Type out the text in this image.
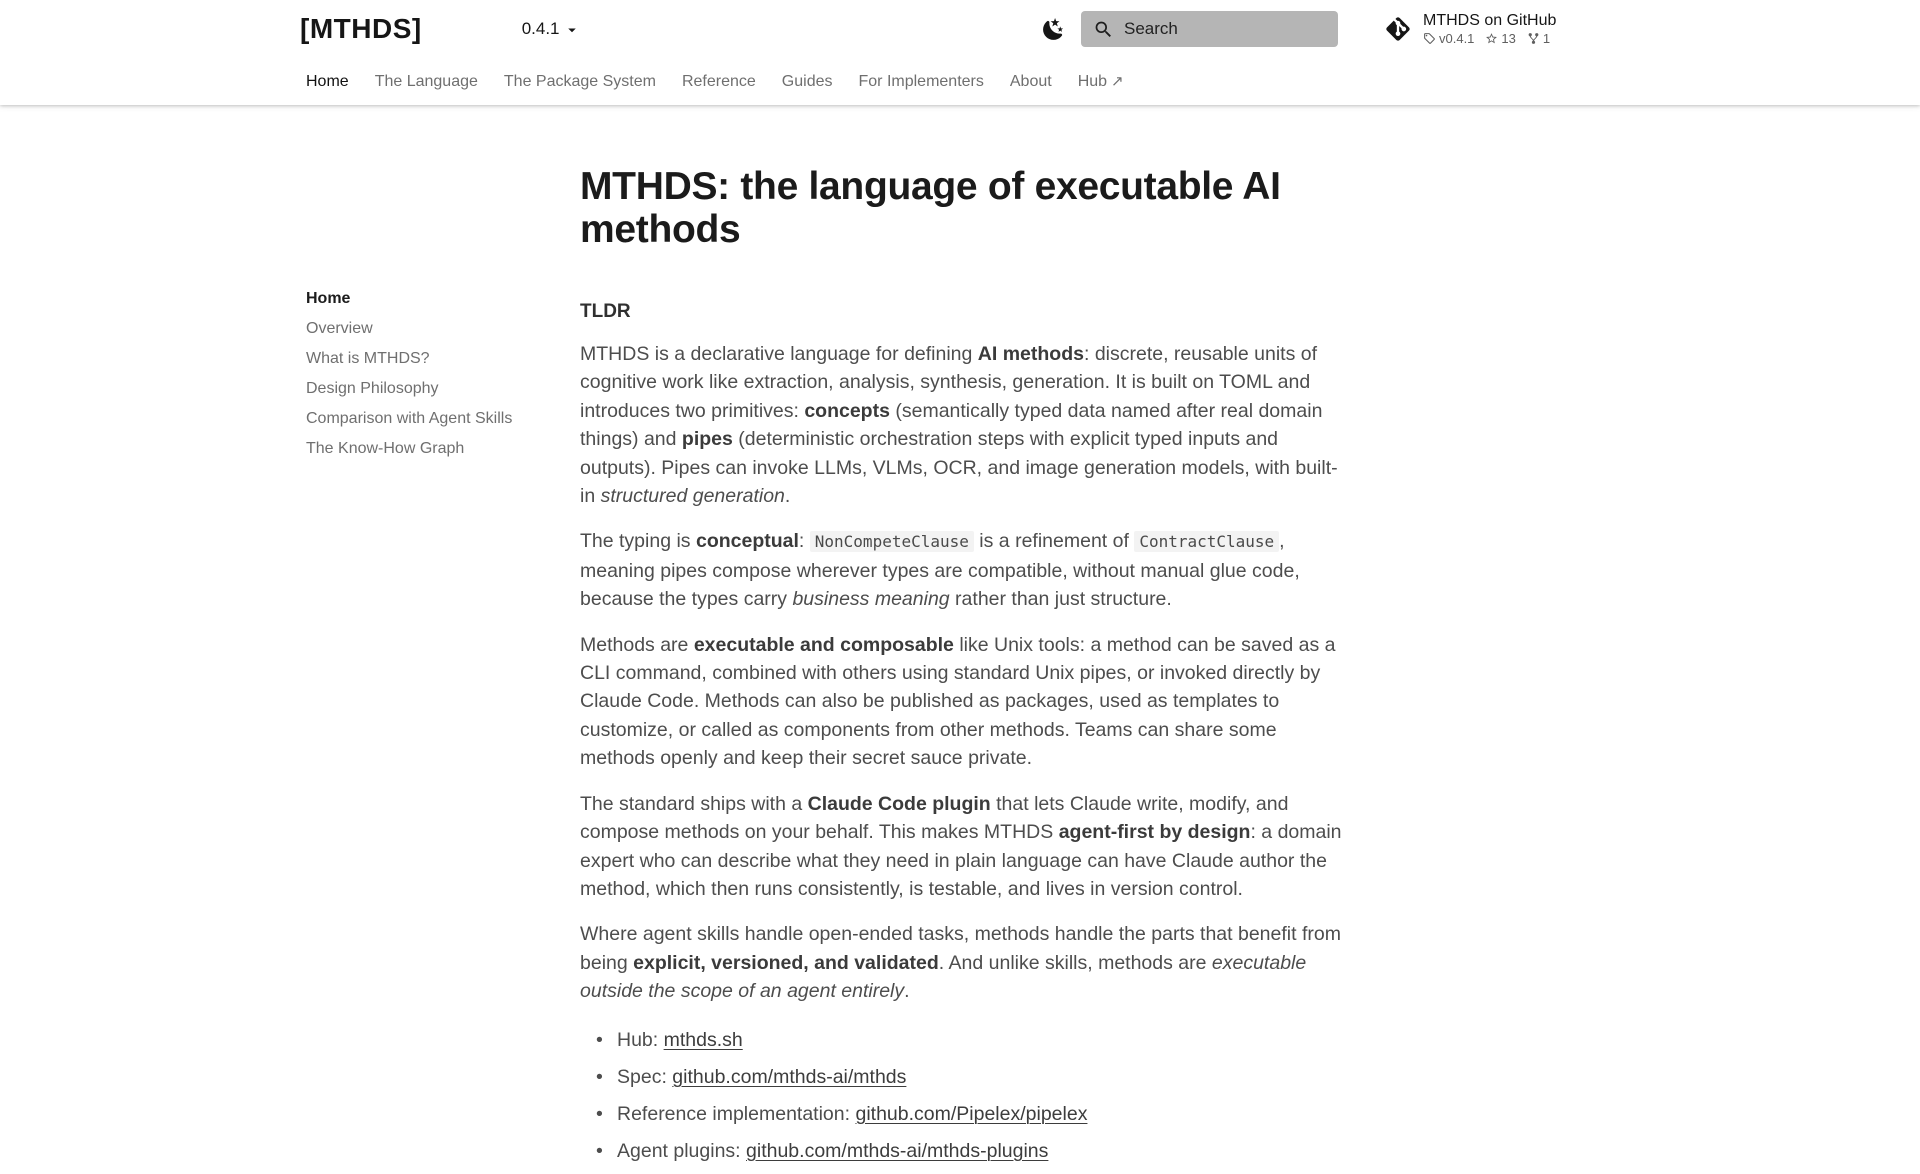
[MTHDS]	0.4.1
Search	MTHDS on GitHub
v0.4.1 13 1
Home The Language The Package System Reference Guides For Implementers About Hub ↗
Home
Overview
What is MTHDS?
Design Philosophy
Comparison with Agent Skills
The Know-How Graph
MTHDS: the language of executable AI methods

TLDR

MTHDS is a declarative language for defining AI methods: discrete, reusable units of cognitive work like extraction, analysis, synthesis, generation. It is built on TOML and introduces two primitives: concepts (semantically typed data named after real domain things) and pipes (deterministic orchestration steps with explicit typed inputs and outputs). Pipes can invoke LLMs, VLMs, OCR, and image generation models, with built-in structured generation.

The typing is conceptual: NonCompeteClause is a refinement of ContractClause , meaning pipes compose wherever types are compatible, without manual glue code, because the types carry business meaning rather than just structure.

Methods are executable and composable like Unix tools: a method can be saved as a CLI command, combined with others using standard Unix pipes, or invoked directly by Claude Code. Methods can also be published as packages, used as templates to customize, or called as components from other methods. Teams can share some methods openly and keep their secret sauce private.

The standard ships with a Claude Code plugin that lets Claude write, modify, and compose methods on your behalf. This makes MTHDS agent-first by design: a domain expert who can describe what they need in plain language can have Claude author the method, which then runs consistently, is testable, and lives in version control.

Where agent skills handle open-ended tasks, methods handle the parts that benefit from being explicit, versioned, and validated. And unlike skills, methods are executable outside the scope of an agent entirely.

• Hub: mthds.sh
• Spec: github.com/mthds-ai/mthds
• Reference implementation: github.com/Pipelex/pipelex
• Agent plugins: github.com/mthds-ai/mthds-plugins
